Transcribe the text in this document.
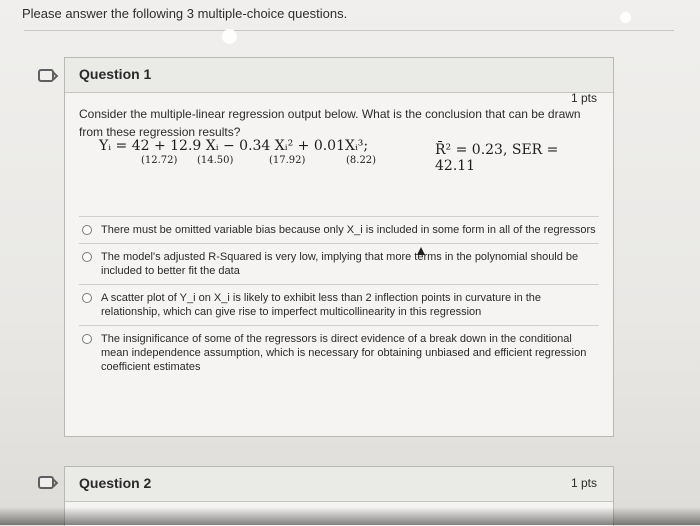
Please answer the following 3 multiple-choice questions.
Question 1
1 pts
Consider the multiple-linear regression output below. What is the conclusion that can be drawn from these regression results?
Yᵢ = 42 + 12.9 Xᵢ − 0.34 Xᵢ² + 0.01Xᵢ³;
(12.72) (14.50)	(17.92)	(8.22)
R̄² = 0.23, SER = 42.11
There must be omitted variable bias because only X_i is included in some form in all of the regressors
The model's adjusted R-Squared is very low, implying that more terms in the polynomial should be included to better fit the data
A scatter plot of Y_i on X_i is likely to exhibit less than 2 inflection points in curvature in the relationship, which can give rise to imperfect multicollinearity in this regression
The insignificance of some of the regressors is direct evidence of a break down in the conditional mean independence assumption, which is necessary for obtaining unbiased and efficient regression coefficient estimates
Question 2	1 pts
